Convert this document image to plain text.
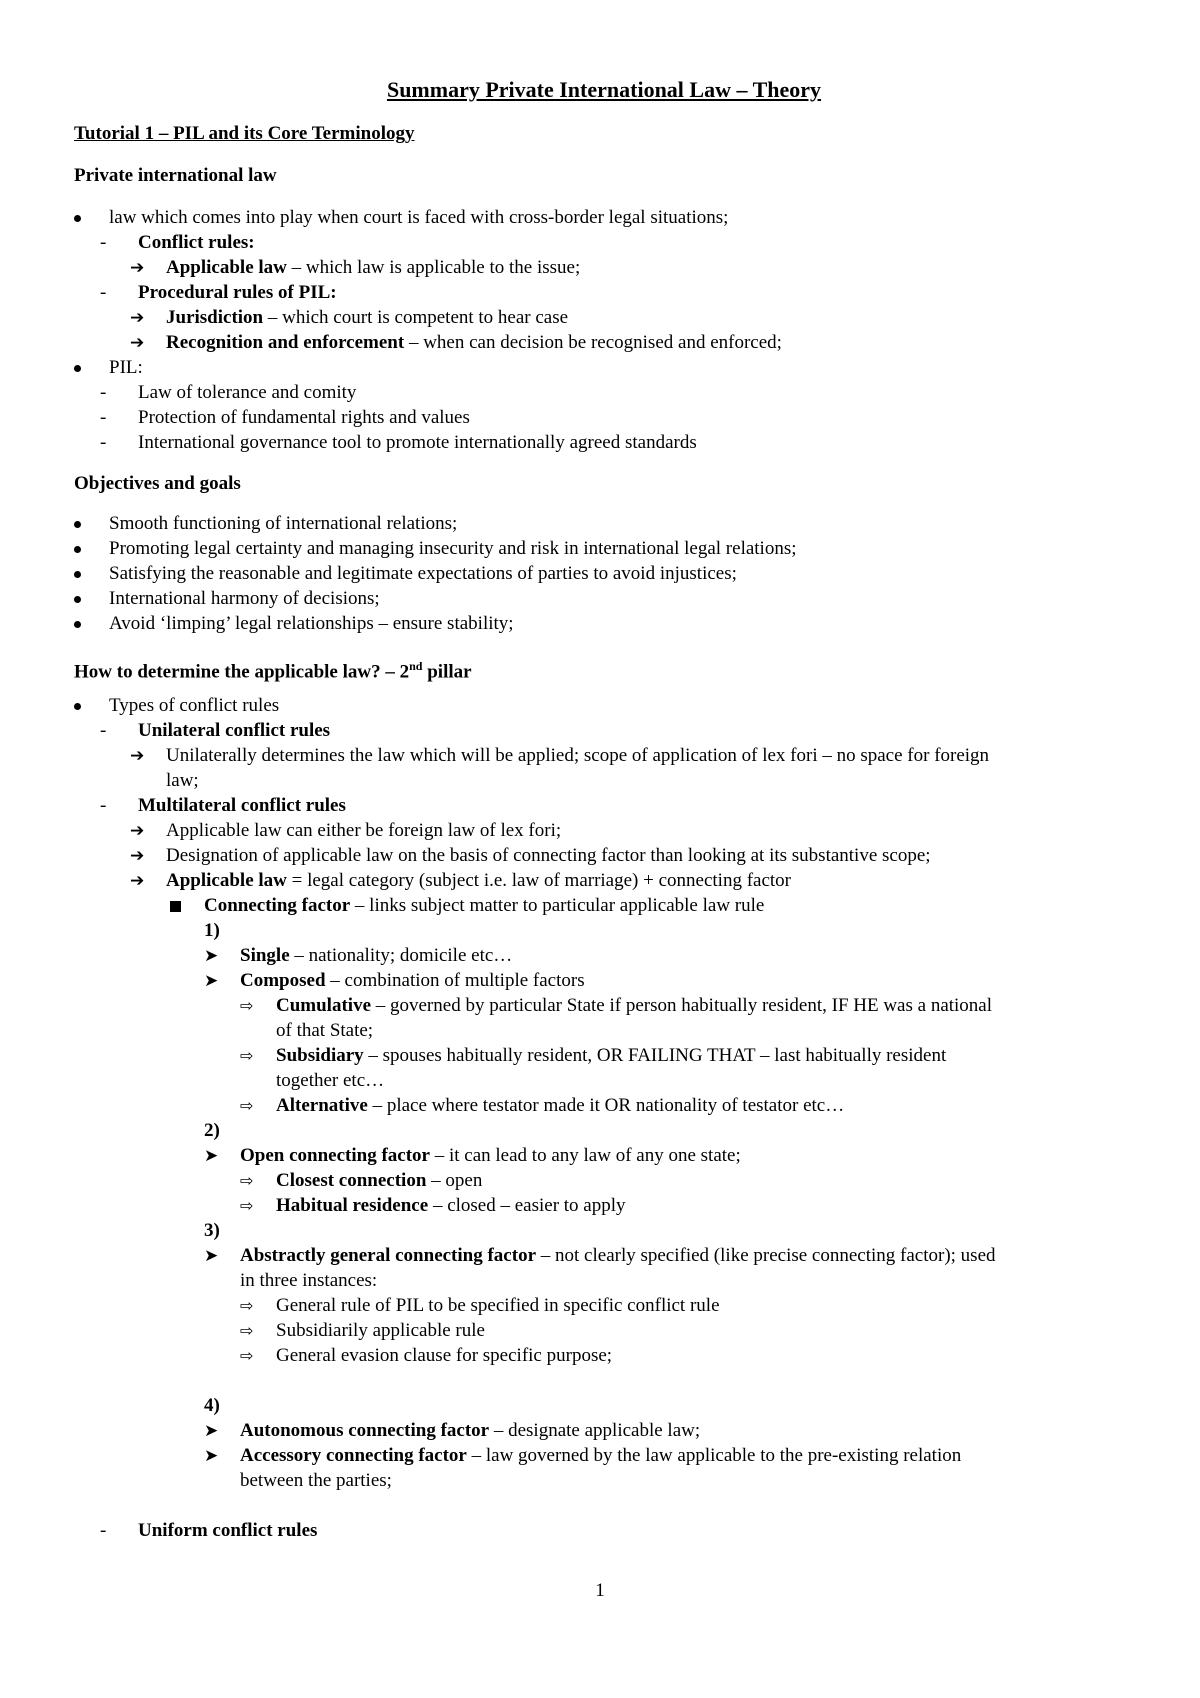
Summary Private International Law – Theory
Tutorial 1 – PIL and its Core Terminology
Private international law
law which comes into play when court is faced with cross-border legal situations;
- Conflict rules:
➔ Applicable law – which law is applicable to the issue;
- Procedural rules of PIL:
➔ Jurisdiction – which court is competent to hear case
➔ Recognition and enforcement – when can decision be recognised and enforced;
PIL:
- Law of tolerance and comity
- Protection of fundamental rights and values
- International governance tool to promote internationally agreed standards
Objectives and goals
Smooth functioning of international relations;
Promoting legal certainty and managing insecurity and risk in international legal relations;
Satisfying the reasonable and legitimate expectations of parties to avoid injustices;
International harmony of decisions;
Avoid ‘limping’ legal relationships – ensure stability;
How to determine the applicable law? – 2nd pillar
Types of conflict rules
- Unilateral conflict rules
➔ Unilaterally determines the law which will be applied; scope of application of lex fori – no space for foreign
law;
- Multilateral conflict rules
➔ Applicable law can either be foreign law of lex fori;
➔ Designation of applicable law on the basis of connecting factor than looking at its substantive scope;
➔ Applicable law = legal category (subject i.e. law of marriage) + connecting factor
Connecting factor – links subject matter to particular applicable law rule
1)
➤ Single – nationality; domicile etc…
➤ Composed – combination of multiple factors
⇨ Cumulative – governed by particular State if person habitually resident, IF HE was a national
of that State;
⇨ Subsidiary – spouses habitually resident, OR FAILING THAT – last habitually resident
together etc…
⇨ Alternative – place where testator made it OR nationality of testator etc…
2)
➤ Open connecting factor – it can lead to any law of any one state;
⇨ Closest connection – open
⇨ Habitual residence – closed – easier to apply
3)
➤ Abstractly general connecting factor – not clearly specified (like precise connecting factor); used
in three instances:
⇨ General rule of PIL to be specified in specific conflict rule
⇨ Subsidiarily applicable rule
⇨ General evasion clause for specific purpose;
4)
➤ Autonomous connecting factor – designate applicable law;
➤ Accessory connecting factor – law governed by the law applicable to the pre-existing relation
between the parties;
- Uniform conflict rules
1
